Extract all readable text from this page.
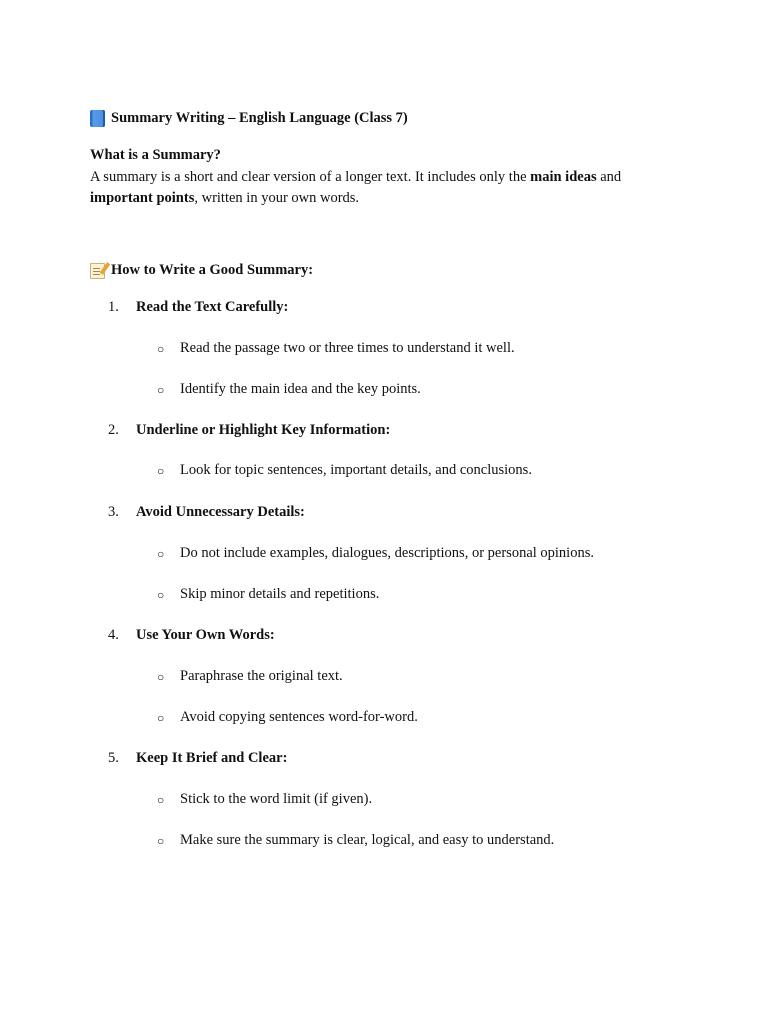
Summary Writing – English Language (Class 7)
What is a Summary?
A summary is a short and clear version of a longer text. It includes only the main ideas and important points, written in your own words.
How to Write a Good Summary:
1.	Read the Text Carefully:
○	Read the passage two or three times to understand it well.
○	Identify the main idea and the key points.
2.	Underline or Highlight Key Information:
○	Look for topic sentences, important details, and conclusions.
3.	Avoid Unnecessary Details:
○	Do not include examples, dialogues, descriptions, or personal opinions.
○	Skip minor details and repetitions.
4.	Use Your Own Words:
○	Paraphrase the original text.
○	Avoid copying sentences word-for-word.
5.	Keep It Brief and Clear:
○	Stick to the word limit (if given).
○	Make sure the summary is clear, logical, and easy to understand.
